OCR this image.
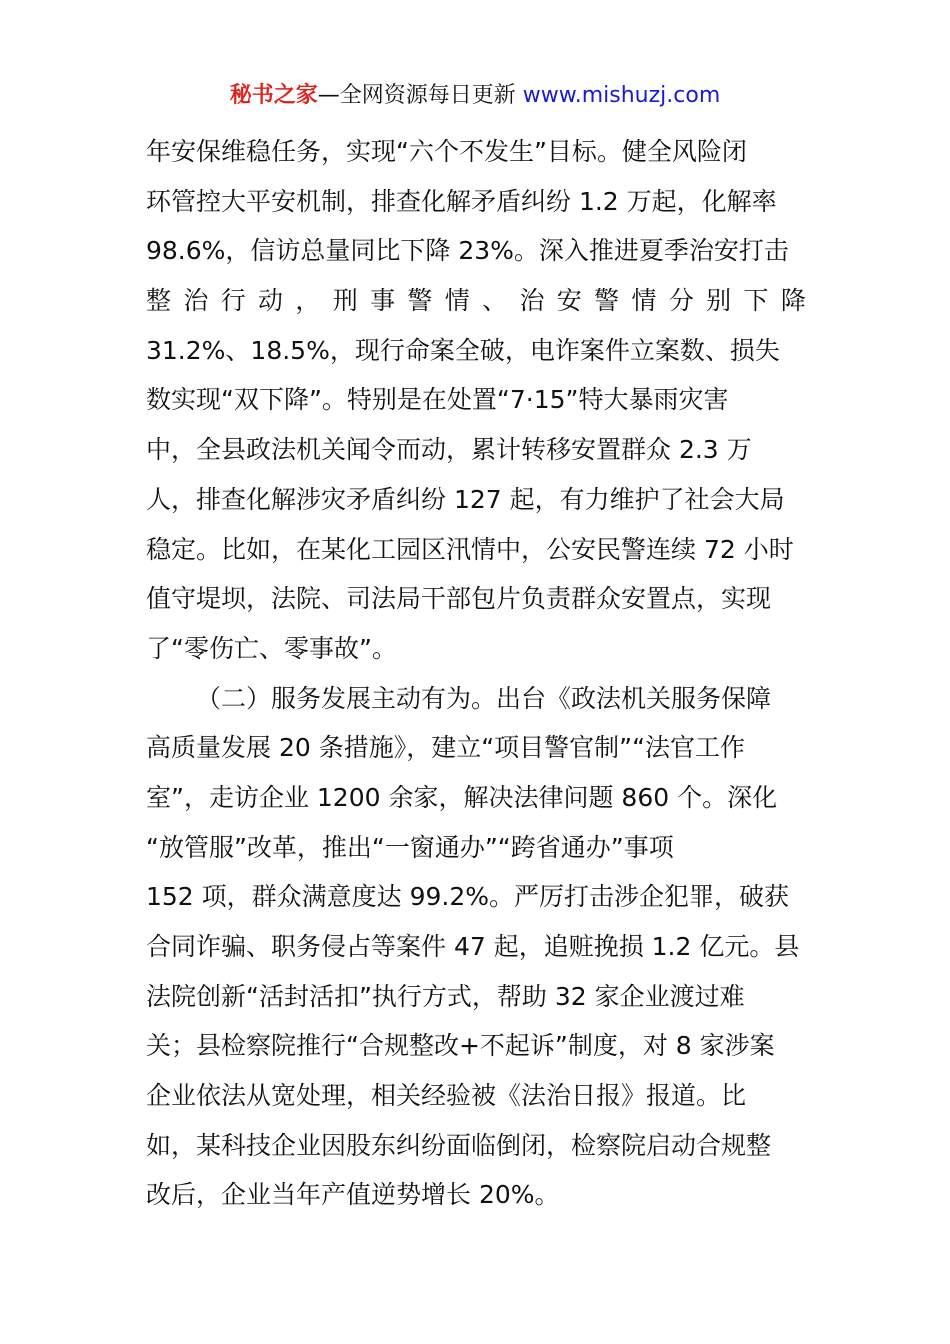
秘书之家—全网资源每日更新 www.mishuzj.com
年安保维稳任务，实现“六个不发生”目标。健全风险闭
环管控大平安机制，排查化解矛盾纠纷 1.2 万起，化解率
98.6%，信访总量同比下降 23%。深入推进夏季治安打击
整 治 行 动 ， 刑 事 警 情 、 治 安 警 情 分 别 下 降
31.2%、18.5%，现行命案全破，电诈案件立案数、损失
数实现“双下降”。特别是在处置“7·15”特大暴雨灾害
中，全县政法机关闻令而动，累计转移安置群众 2.3 万
人，排查化解涉灾矛盾纠纷 127 起，有力维护了社会大局
稳定。比如，在某化工园区汛情中，公安民警连续 72 小时
值守堤坝，法院、司法局干部包片负责群众安置点，实现
了“零伤亡、零事故”。
（二）服务发展主动有为。出台《政法机关服务保障
高质量发展 20 条措施》，建立“项目警官制”“法官工作
室”，走访企业 1200 余家，解决法律问题 860 个。深化
“放管服”改革，推出“一窗通办”“跨省通办”事项
152 项，群众满意度达 99.2%。严厉打击涉企犯罪，破获
合同诈骗、职务侵占等案件 47 起，追赃挽损 1.2 亿元。县
法院创新“活封活扣”执行方式，帮助 32 家企业渡过难
关；县检察院推行“合规整改+不起诉”制度，对 8 家涉案
企业依法从宽处理，相关经验被《法治日报》报道。比
如，某科技企业因股东纠纷面临倒闭，检察院启动合规整
改后，企业当年产值逆势增长 20%。
